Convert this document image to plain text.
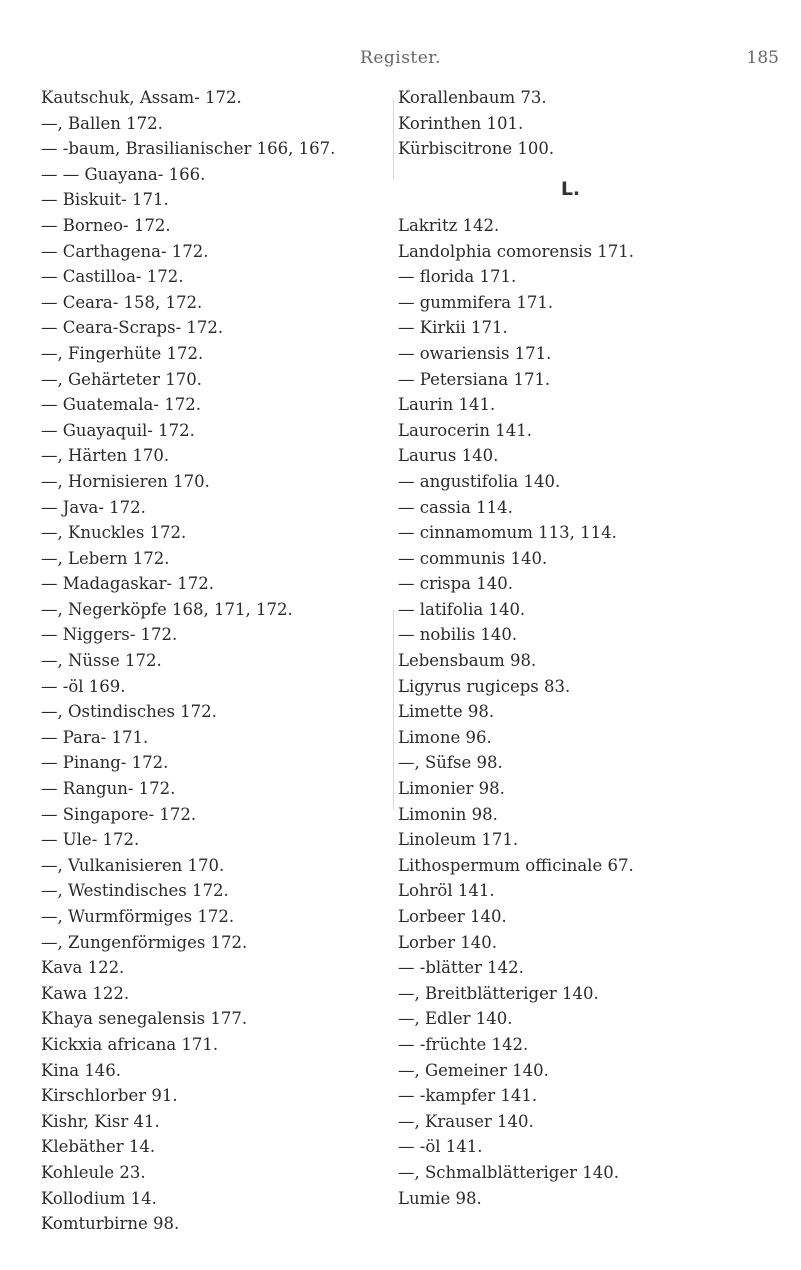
Register.	185
Kautschuk, Assam- 172.
—, Ballen 172.
— -baum, Brasilianischer 166, 167.
— — Guayana- 166.
— Biskuit- 171.
— Borneo- 172.
— Carthagena- 172.
— Castilloa- 172.
— Ceara- 158, 172.
— Ceara-Scraps- 172.
—, Fingerhüte 172.
—, Gehärteter 170.
— Guatemala- 172.
— Guayaquil- 172.
—, Härten 170.
—, Hornisieren 170.
— Java- 172.
—, Knuckles 172.
—, Lebern 172.
— Madagaskar- 172.
—, Negerköpfe 168, 171, 172.
— Niggers- 172.
—, Nüsse 172.
— -öl 169.
—, Ostindisches 172.
— Para- 171.
— Pinang- 172.
— Rangun- 172.
— Singapore- 172.
— Ule- 172.
—, Vulkanisieren 170.
—, Westindisches 172.
—, Wurmförmiges 172.
—, Zungenförmiges 172.
Kava 122.
Kawa 122.
Khaya senegalensis 177.
Kickxia africana 171.
Kina 146.
Kirschlorber 91.
Kishr, Kisr 41.
Klebäther 14.
Kohleule 23.
Kollodium 14.
Komturbirne 98.
Korallenbaum 73.
Korinthen 101.
Kürbiscitrone 100.
L.
Lakritz 142.
Landolphia comorensis 171.
— florida 171.
— gummifera 171.
— Kirkii 171.
— owariensis 171.
— Petersiana 171.
Laurin 141.
Laurocerin 141.
Laurus 140.
— angustifolia 140.
— cassia 114.
— cinnamomum 113, 114.
— communis 140.
— crispa 140.
— latifolia 140.
— nobilis 140.
Lebensbaum 98.
Ligyrus rugiceps 83.
Limette 98.
Limone 96.
—, Süfse 98.
Limonier 98.
Limonin 98.
Linoleum 171.
Lithospermum officinale 67.
Lohröl 141.
Lorbeer 140.
Lorber 140.
— -blätter 142.
—, Breitblätteriger 140.
—, Edler 140.
— -früchte 142.
—, Gemeiner 140.
— -kampfer 141.
—, Krauser 140.
— -öl 141.
—, Schmalblätteriger 140.
Lumie 98.
